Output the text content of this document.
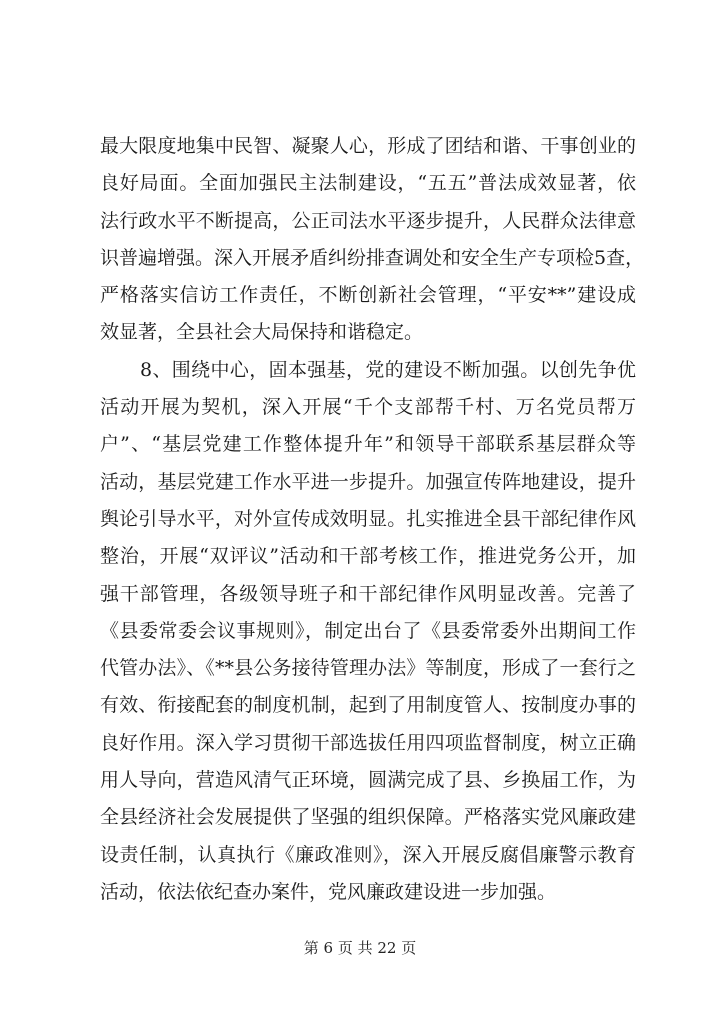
最大限度地集中民智、凝聚人心，形成了团结和谐、干事创业的
良好局面。全面加强民主法制建设，“五五”普法成效显著，依
法行政水平不断提高，公正司法水平逐步提升，人民群众法律意
识普遍增强。深入开展矛盾纠纷排查调处和安全生产专项检5查，
严格落实信访工作责任，不断创新社会管理，“平安**”建设成
效显著，全县社会大局保持和谐稳定。
8、围绕中心，固本强基，党的建设不断加强。以创先争优
活动开展为契机，深入开展“千个支部帮千村、万名党员帮万
户”、“基层党建工作整体提升年”和领导干部联系基层群众等
活动，基层党建工作水平进一步提升。加强宣传阵地建设，提升
舆论引导水平，对外宣传成效明显。扎实推进全县干部纪律作风
整治，开展“双评议”活动和干部考核工作，推进党务公开，加
强干部管理，各级领导班子和干部纪律作风明显改善。完善了
《县委常委会议事规则》，制定出台了《县委常委外出期间工作
代管办法》、《**县公务接待管理办法》等制度，形成了一套行之
有效、衔接配套的制度机制，起到了用制度管人、按制度办事的
良好作用。深入学习贯彻干部选拔任用四项监督制度，树立正确
用人导向，营造风清气正环境，圆满完成了县、乡换届工作，为
全县经济社会发展提供了坚强的组织保障。严格落实党风廉政建
设责任制，认真执行《廉政准则》，深入开展反腐倡廉警示教育
活动，依法依纪查办案件，党风廉政建设进一步加强。
第 6 页 共 22 页
